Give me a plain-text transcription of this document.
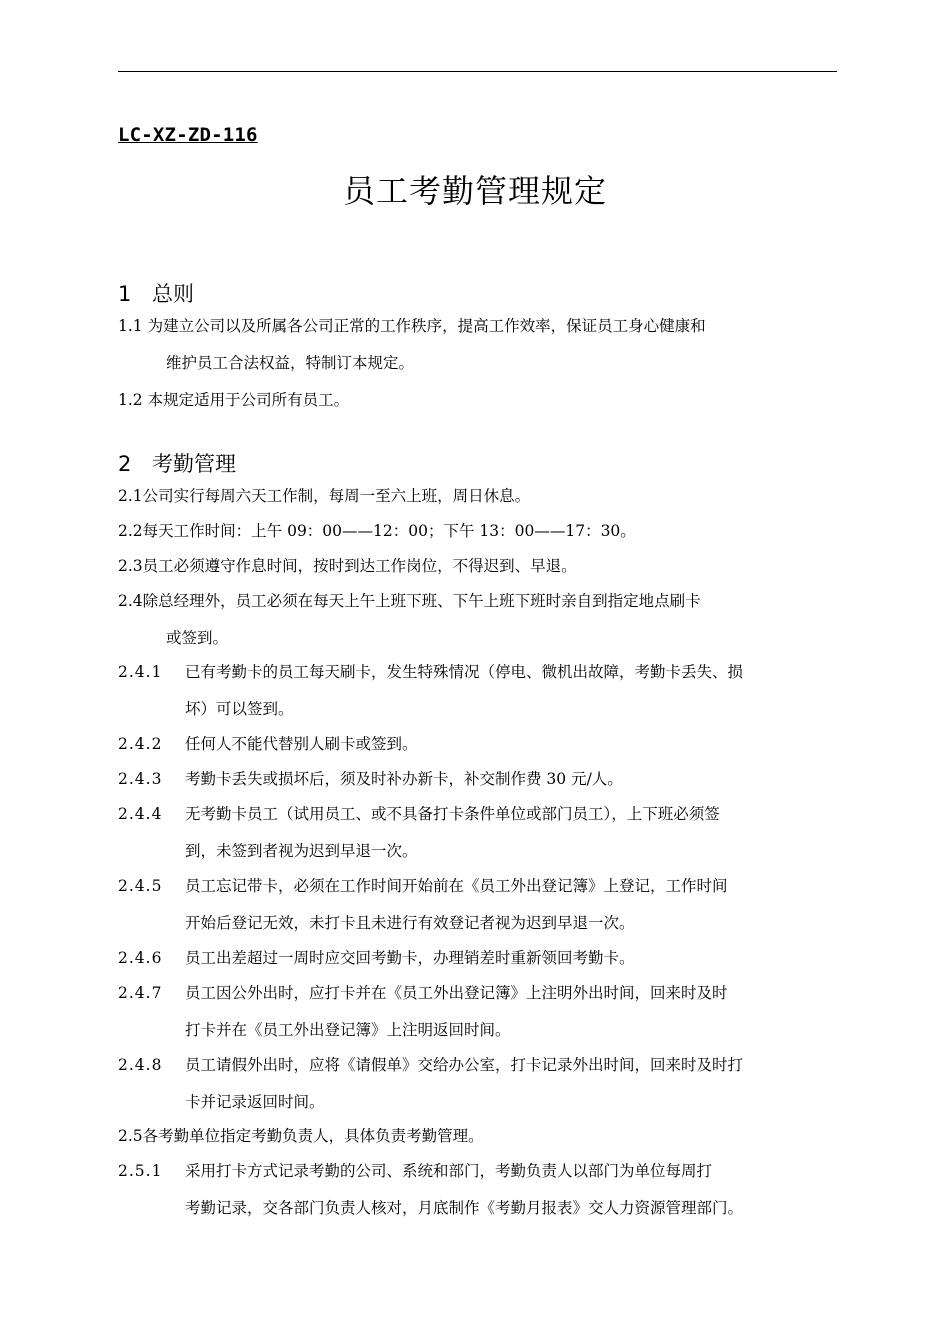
LC-XZ-ZD-116
员工考勤管理规定
1 总则
1.1 为建立公司以及所属各公司正常的工作秩序，提高工作效率，保证员工身心健康和
维护员工合法权益，特制订本规定。
1.2 本规定适用于公司所有员工。
2 考勤管理
2.1公司实行每周六天工作制，每周一至六上班，周日休息。
2.2每天工作时间：上午 09：00——12：00；下午 13：00——17：30。
2.3员工必须遵守作息时间，按时到达工作岗位，不得迟到、早退。
2.4除总经理外，员工必须在每天上午上班下班、下午上班下班时亲自到指定地点刷卡
或签到。
2.4.1 已有考勤卡的员工每天刷卡，发生特殊情况（停电、微机出故障，考勤卡丢失、损
坏）可以签到。
2.4.2 任何人不能代替别人刷卡或签到。
2.4.3 考勤卡丢失或损坏后，须及时补办新卡，补交制作费 30 元/人。
2.4.4 无考勤卡员工（试用员工、或不具备打卡条件单位或部门员工），上下班必须签
到，未签到者视为迟到早退一次。
2.4.5 员工忘记带卡，必须在工作时间开始前在《员工外出登记簿》上登记，工作时间
开始后登记无效，未打卡且未进行有效登记者视为迟到早退一次。
2.4.6 员工出差超过一周时应交回考勤卡，办理销差时重新领回考勤卡。
2.4.7 员工因公外出时，应打卡并在《员工外出登记簿》上注明外出时间，回来时及时
打卡并在《员工外出登记簿》上注明返回时间。
2.4.8 员工请假外出时，应将《请假单》交给办公室，打卡记录外出时间，回来时及时打
卡并记录返回时间。
2.5各考勤单位指定考勤负责人，具体负责考勤管理。
2.5.1 采用打卡方式记录考勤的公司、系统和部门，考勤负责人以部门为单位每周打
考勤记录，交各部门负责人核对，月底制作《考勤月报表》交人力资源管理部门。
